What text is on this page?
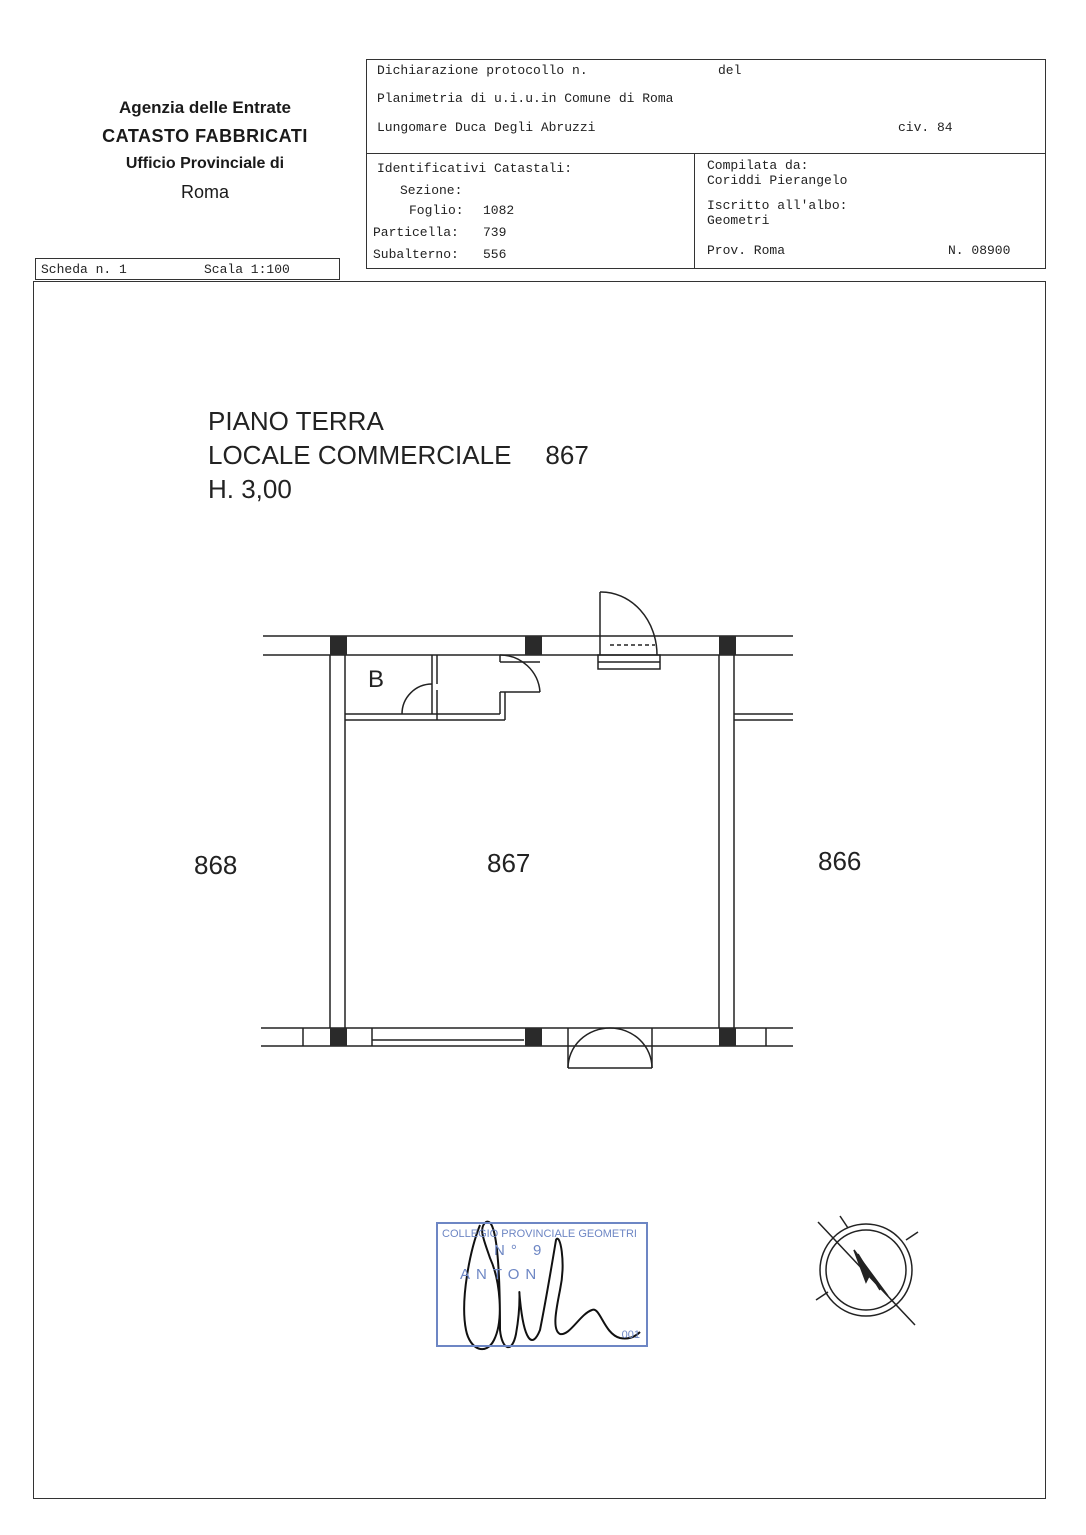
Agenzia delle Entrate
CATASTO FABBRICATI
Ufficio Provinciale di
Roma
Dichiarazione protocollo n.	del
Planimetria di u.i.u.in Comune di Roma
Lungomare Duca Degli Abruzzi	civ. 84
Identificativi Catastali:
Sezione:
Foglio: 1082
Particella: 739
Subalterno: 556
Compilata da:
Coriddi Pierangelo
Iscritto all'albo:
Geometri
Prov. Roma	N. 08900
Scheda n. 1	Scala 1:100
PIANO TERRA
LOCALE COMMERCIALE 867
H. 3,00
B
868	867	866
COLLEGIO PROVINCIALE GEOMETRI
N° 9
ANTON
001
